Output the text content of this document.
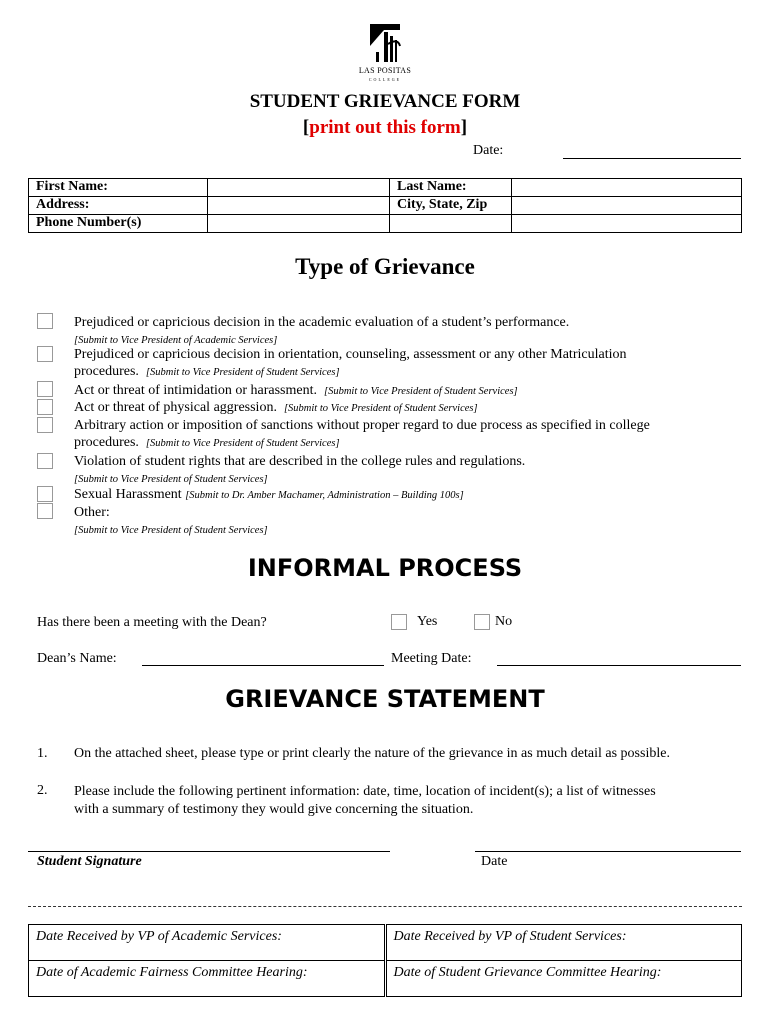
LAS POSITAS
COLLEGE
STUDENT GRIEVANCE FORM
[print out this form]
Date:
First Name:		Last Name:	
Address:		City, State, Zip	
Phone Number(s)			
Type of Grievance
Prejudiced or capricious decision in the academic evaluation of a student’s performance.
[Submit to Vice President of Academic Services]
Prejudiced or capricious decision in orientation, counseling, assessment or any other Matriculation
procedures. [Submit to Vice President of Student Services]
Act or threat of intimidation or harassment. [Submit to Vice President of Student Services]
Act or threat of physical aggression. [Submit to Vice President of Student Services]
Arbitrary action or imposition of sanctions without proper regard to due process as specified in college
procedures. [Submit to Vice President of Student Services]
Violation of student rights that are described in the college rules and regulations.
[Submit to Vice President of Student Services]
Sexual Harassment [Submit to Dr. Amber Machamer, Administration – Building 100s]
Other:
[Submit to Vice President of Student Services]
INFORMAL PROCESS
Has there been a meeting with the Dean?	Yes	No
Dean’s Name:	Meeting Date:
GRIEVANCE STATEMENT
1. On the attached sheet, please type or print clearly the nature of the grievance in as much detail as possible.
2. Please include the following pertinent information: date, time, location of incident(s); a list of witnesses
with a summary of testimony they would give concerning the situation.
Student Signature	Date
Date Received by VP of Academic Services:	Date Received by VP of Student Services:
Date of Academic Fairness Committee Hearing:	Date of Student Grievance Committee Hearing:
